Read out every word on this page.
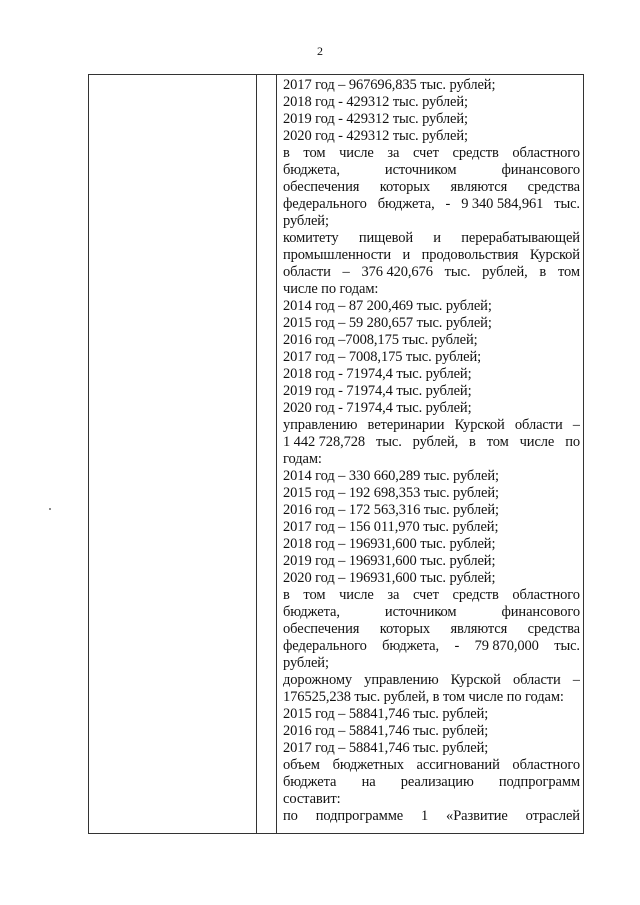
2
2017 год – 967696,835 тыс. рублей;
2018 год - 429312 тыс. рублей;
2019 год - 429312 тыс. рублей;
2020 год - 429312 тыс. рублей;
в том числе за счет средств областного
бюджета,	источником	финансового
обеспечения которых являются средства
федерального бюджета, - 9 340 584,961 тыс.
рублей;
комитету пищевой и перерабатывающей
промышленности и продовольствия Курской
области – 376 420,676 тыс. рублей, в том
числе по годам:
2014 год – 87 200,469 тыс. рублей;
2015 год – 59 280,657 тыс. рублей;
2016 год –7008,175 тыс. рублей;
2017 год – 7008,175 тыс. рублей;
2018 год - 71974,4 тыс. рублей;
2019 год - 71974,4 тыс. рублей;
2020 год - 71974,4 тыс. рублей;
управлению ветеринарии Курской области –
1 442 728,728 тыс. рублей, в том числе по
годам:
2014 год – 330 660,289 тыс. рублей;
2015 год – 192 698,353 тыс. рублей;
2016 год – 172 563,316 тыс. рублей;
2017 год – 156 011,970 тыс. рублей;
2018 год – 196931,600 тыс. рублей;
2019 год – 196931,600 тыс. рублей;
2020 год – 196931,600 тыс. рублей;
в том числе за счет средств областного
бюджета,	источником	финансового
обеспечения которых являются средства
федерального бюджета, - 79 870,000 тыс.
рублей;
дорожному управлению Курской области –
176525,238 тыс. рублей, в том числе по годам:
2015 год – 58841,746 тыс. рублей;
2016 год – 58841,746 тыс. рублей;
2017 год – 58841,746 тыс. рублей;
объем бюджетных ассигнований областного
бюджета на реализацию подпрограмм
составит:
по подпрограмме 1 «Развитие отраслей
